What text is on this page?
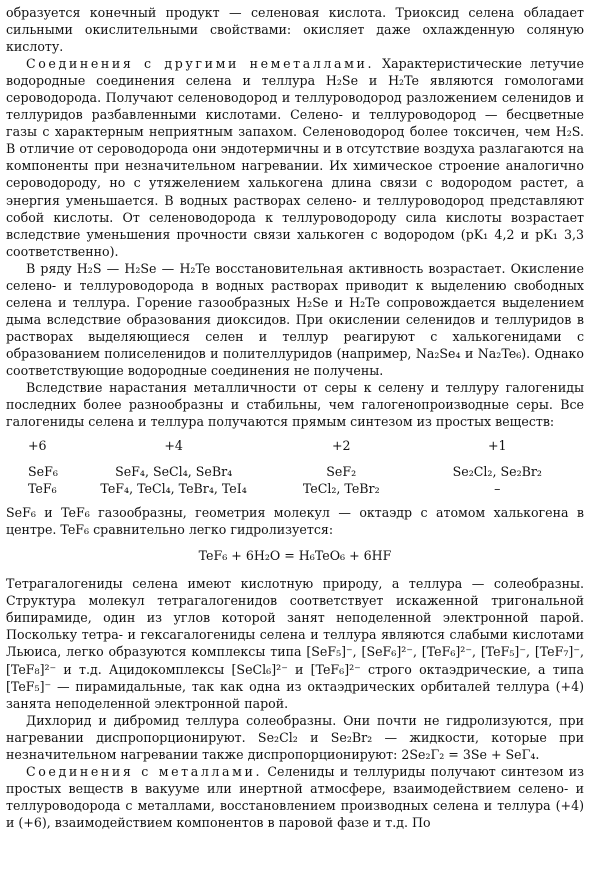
образуется конечный продукт — селеновая кислота. Триоксид селена обладает сильными окислительными свойствами: окисляет даже охлажденную соляную кислоту.

Соединения с другими неметаллами. Характеристические летучие водородные соединения селена и теллура H₂Se и H₂Te являются гомологами сероводорода. Получают селеноводород и теллуроводород разложением селенидов и теллуридов разбавленными кислотами. Селено- и теллуроводород — бесцветные газы с характерным неприятным запахом. Селеноводород более токсичен, чем H₂S. В отличие от сероводорода они эндотермичны и в отсутствие воздуха разлагаются на компоненты при незначительном нагревании. Их химическое строение аналогично сероводороду, но с утяжелением халькогена длина связи с водородом растет, а энергия уменьшается. В водных растворах селено- и теллуроводород представляют собой кислоты. От селеноводорода к теллуроводороду сила кислоты возрастает вследствие уменьшения прочности связи халькоген с водородом (pK₁ 4,2 и pK₁ 3,3 соответственно).

В ряду H₂S — H₂Se — H₂Te восстановительная активность возрастает. Окисление селено- и теллуроводорода в водных растворах приводит к выделению свободных селена и теллура. Горение газообразных H₂Se и H₂Te сопровождается выделением дыма вследствие образования диоксидов. При окислении селенидов и теллуридов в растворах выделяющиеся селен и теллур реагируют с халькогенидами с образованием полиселенидов и полителлуридов (например, Na₂Se₄ и Na₂Te₆). Однако соответствующие водородные соединения не получены.

Вследствие нарастания металличности от серы к селену и теллуру галогениды последних более разнообразны и стабильны, чем галогенопроизводные серы. Все галогениды селена и теллура получаются прямым синтезом из простых веществ:

+6	+4	+2	+1
SeF₆	SeF₄, SeCl₄, SeBr₄	SeF₂	Se₂Cl₂, Se₂Br₂
TeF₆	TeF₄, TeCl₄, TeBr₄, TeI₄	TeCl₂, TeBr₂	–

SeF₆ и TeF₆ газообразны, геометрия молекул — октаэдр с атомом халькогена в центре. TeF₆ сравнительно легко гидролизуется:

TeF₆ + 6H₂O = H₆TeO₆ + 6HF

Тетрагалогениды селена имеют кислотную природу, а теллура — солеобразны. Структура молекул тетрагалогенидов соответствует искаженной тригональной бипирамиде, один из углов которой занят неподеленной электронной парой. Поскольку тетра- и гексагалогениды селена и теллура являются слабыми кислотами Льюиса, легко образуются комплексы типа [SeF₅]⁻, [SeF₆]²⁻, [TeF₆]²⁻, [TeF₅]⁻, [TeF₇]⁻, [TeF₈]²⁻ и т.д. Ацидокомплексы [SeCl₆]²⁻ и [TeF₆]²⁻ строго октаэдрические, а типа [TeF₅]⁻ — пирамидальные, так как одна из октаэдрических орбиталей теллура (+4) занята неподеленной электронной парой.

Дихлорид и дибромид теллура солеобразны. Они почти не гидролизуются, при нагревании диспропорционируют. Se₂Cl₂ и Se₂Br₂ — жидкости, которые при незначительном нагревании также диспропорционируют: 2Se₂Γ₂ = 3Se + SeΓ₄.

Соединения с металлами. Селениды и теллуриды получают синтезом из простых веществ в вакууме или инертной атмосфере, взаимодействием селено- и теллуроводорода с металлами, восстановлением производных селена и теллура (+4) и (+6), взаимодействием компонентов в паровой фазе и т.д. По
